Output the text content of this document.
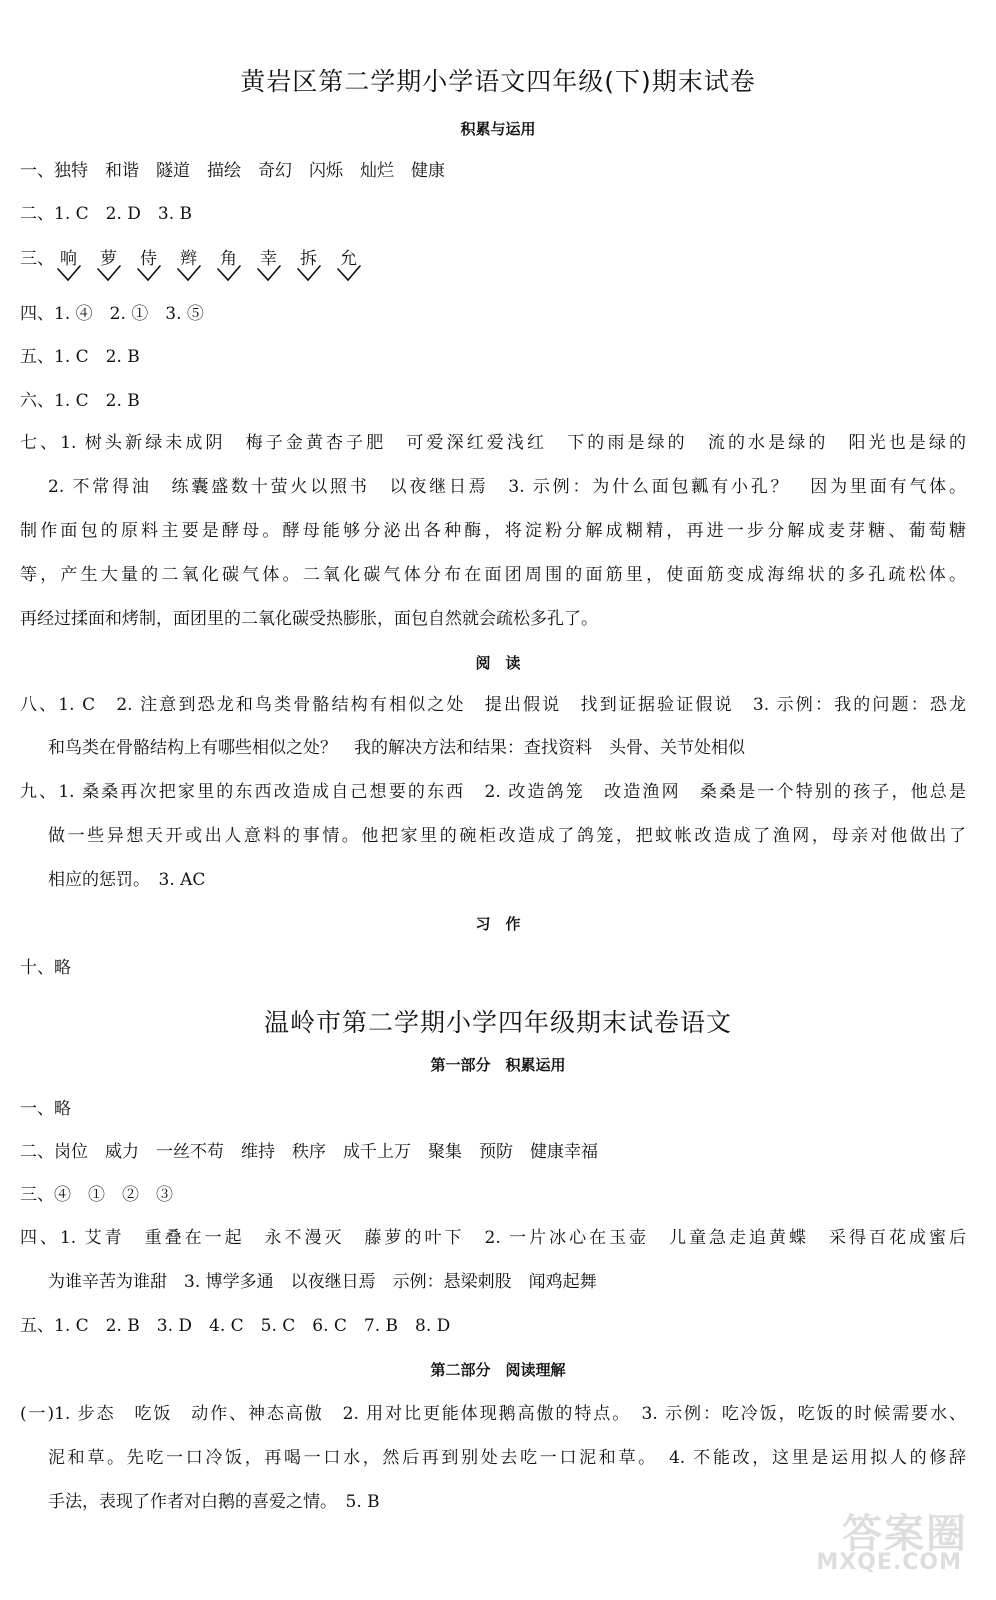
黄岩区第二学期小学语文四年级(下)期末试卷
积累与运用
一、独特　和谐　隧道　描绘　奇幻　闪烁　灿烂　健康
二、1. C　2. D　3. B
三、 响 萝 侍 辫 角 幸 拆 允
四、1. ④　2. ①　3. ⑤
五、1. C　2. B
六、1. C　2. B
七、1. 树头新绿未成阴　梅子金黄杏子肥　可爱深红爱浅红　下的雨是绿的　流的水是绿的　阳光也是绿的
2. 不常得油　练囊盛数十萤火以照书　以夜继日焉　3. 示例：为什么面包瓤有小孔？　因为里面有气体。
制作面包的原料主要是酵母。酵母能够分泌出各种酶，将淀粉分解成糊精，再进一步分解成麦芽糖、葡萄糖
等，产生大量的二氧化碳气体。二氧化碳气体分布在面团周围的面筋里，使面筋变成海绵状的多孔疏松体。
再经过揉面和烤制，面团里的二氧化碳受热膨胀，面包自然就会疏松多孔了。
阅　读
八、1. C　2. 注意到恐龙和鸟类骨骼结构有相似之处　提出假说　找到证据验证假说　3. 示例：我的问题：恐龙
和鸟类在骨骼结构上有哪些相似之处？　我的解决方法和结果：查找资料　头骨、关节处相似
九、1. 桑桑再次把家里的东西改造成自己想要的东西　2. 改造鸽笼　改造渔网　桑桑是一个特别的孩子，他总是
做一些异想天开或出人意料的事情。他把家里的碗柜改造成了鸽笼，把蚊帐改造成了渔网，母亲对他做出了
相应的惩罚。　3. AC
习　作
十、略
温岭市第二学期小学四年级期末试卷语文
第一部分　积累运用
一、略
二、岗位　威力　一丝不苟　维持　秩序　成千上万　聚集　预防　健康幸福
三、④　①　②　③
四、1. 艾青　重叠在一起　永不漫灭　藤萝的叶下　2. 一片冰心在玉壶　儿童急走追黄蝶　采得百花成蜜后
为谁辛苦为谁甜　3. 博学多通　以夜继日焉　示例：悬梁刺股　闻鸡起舞
五、1. C　2. B　3. D　4. C　5. C　6. C　7. B　8. D
第二部分　阅读理解
(一)1. 步态　吃饭　动作、神态高傲　2. 用对比更能体现鹅高傲的特点。　3. 示例：吃冷饭，吃饭的时候需要水、
泥和草。先吃一口冷饭，再喝一口水，然后再到别处去吃一口泥和草。　4. 不能改，这里是运用拟人的修辞
手法，表现了作者对白鹅的喜爱之情。　5. B
答案圈
MXQE.COM
